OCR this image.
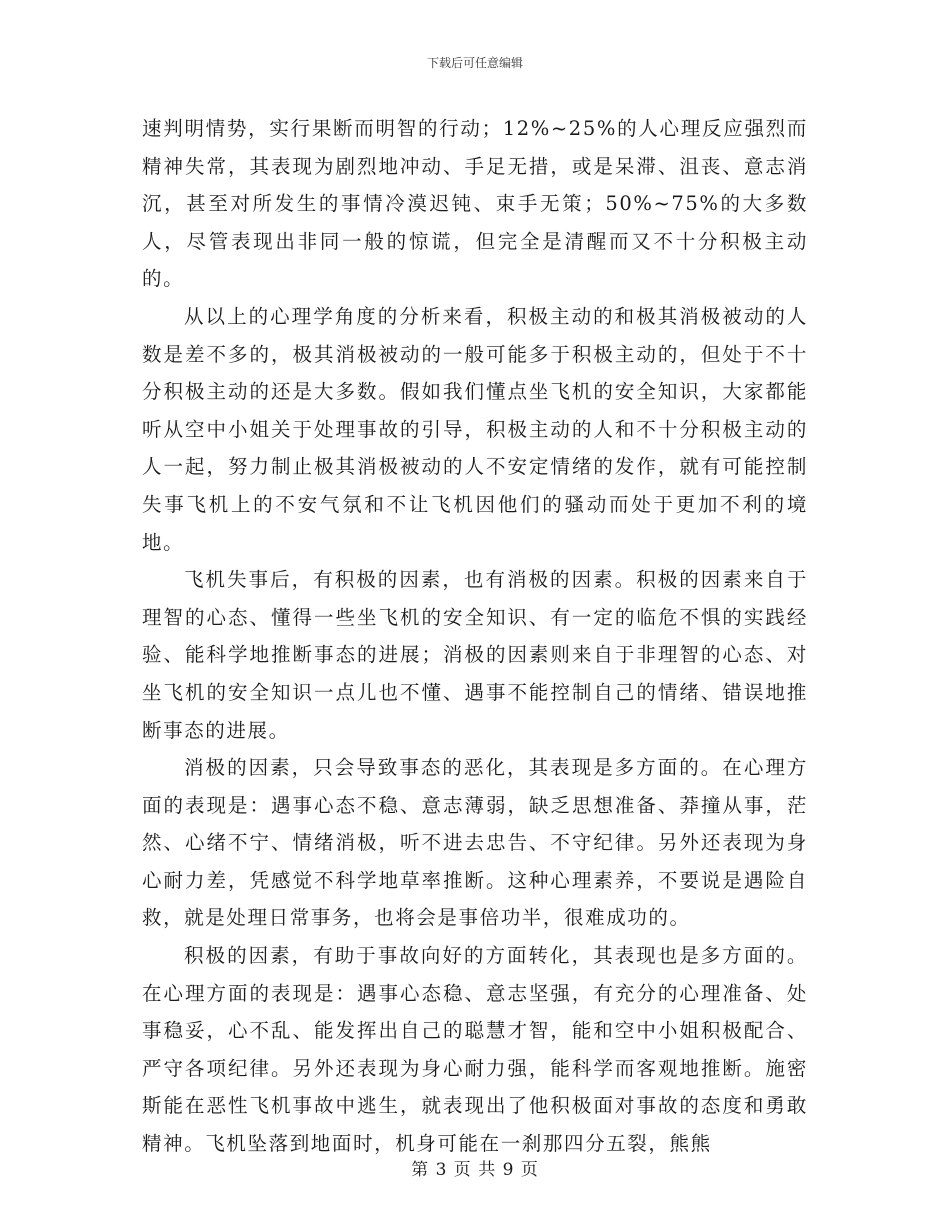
下载后可任意编辑

速判明情势，实行果断而明智的行动；12%~25%的人心理反应强烈而精神失常，其表现为剧烈地冲动、手足无措，或是呆滞、沮丧、意志消沉，甚至对所发生的事情冷漠迟钝、束手无策；50%~75%的大多数人，尽管表现出非同一般的惊谎，但完全是清醒而又不十分积极主动的。

从以上的心理学角度的分析来看，积极主动的和极其消极被动的人数是差不多的，极其消极被动的一般可能多于积极主动的，但处于不十分积极主动的还是大多数。假如我们懂点坐飞机的安全知识，大家都能听从空中小姐关于处理事故的引导，积极主动的人和不十分积极主动的人一起，努力制止极其消极被动的人不安定情绪的发作，就有可能控制失事飞机上的不安气氛和不让飞机因他们的骚动而处于更加不利的境地。

飞机失事后，有积极的因素，也有消极的因素。积极的因素来自于理智的心态、懂得一些坐飞机的安全知识、有一定的临危不惧的实践经验、能科学地推断事态的进展；消极的因素则来自于非理智的心态、对坐飞机的安全知识一点儿也不懂、遇事不能控制自己的情绪、错误地推断事态的进展。

消极的因素，只会导致事态的恶化，其表现是多方面的。在心理方面的表现是：遇事心态不稳、意志薄弱，缺乏思想准备、莽撞从事，茫然、心绪不宁、情绪消极，听不进去忠告、不守纪律。另外还表现为身心耐力差，凭感觉不科学地草率推断。这种心理素养，不要说是遇险自救，就是处理日常事务，也将会是事倍功半，很难成功的。

积极的因素，有助于事故向好的方面转化，其表现也是多方面的。在心理方面的表现是：遇事心态稳、意志坚强，有充分的心理准备、处事稳妥，心不乱、能发挥出自己的聪慧才智，能和空中小姐积极配合、严守各项纪律。另外还表现为身心耐力强，能科学而客观地推断。施密斯能在恶性飞机事故中逃生，就表现出了他积极面对事故的态度和勇敢精神。飞机坠落到地面时，机身可能在一刹那四分五裂，熊熊

第 3 页 共 9 页
